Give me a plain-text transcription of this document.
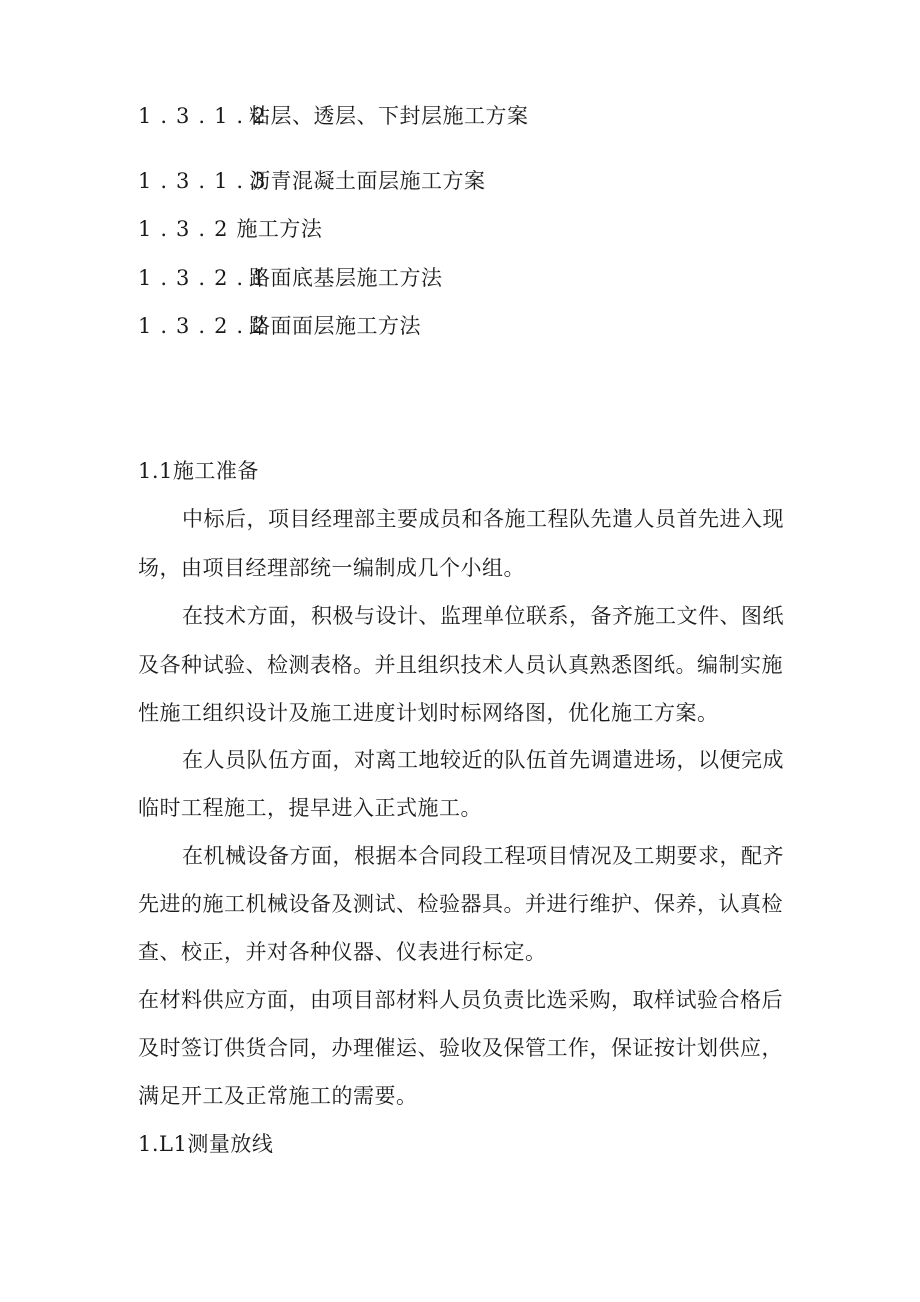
1.3.1.2
粘层、透层、下封层施工方案
1.3.1.3
沥青混凝土面层施工方案
1.3.2施工方法
1.3.2.1
路面底基层施工方法
1.3.2.2
路面面层施工方法
1.1施工准备
中标后，项目经理部主要成员和各施工程队先遣人员首先进入现
场，由项目经理部统一编制成几个小组。
在技术方面，积极与设计、监理单位联系，备齐施工文件、图纸
及各种试验、检测表格。并且组织技术人员认真熟悉图纸。编制实施
性施工组织设计及施工进度计划时标网络图，优化施工方案。
在人员队伍方面，对离工地较近的队伍首先调遣进场，以便完成
临时工程施工，提早进入正式施工。
在机械设备方面，根据本合同段工程项目情况及工期要求，配齐
先进的施工机械设备及测试、检验器具。并进行维护、保养，认真检
查、校正，并对各种仪器、仪表进行标定。
在材料供应方面，由项目部材料人员负责比选采购，取样试验合格后
及时签订供货合同，办理催运、验收及保管工作，保证按计划供应，
满足开工及正常施工的需要。
1.L1测量放线
